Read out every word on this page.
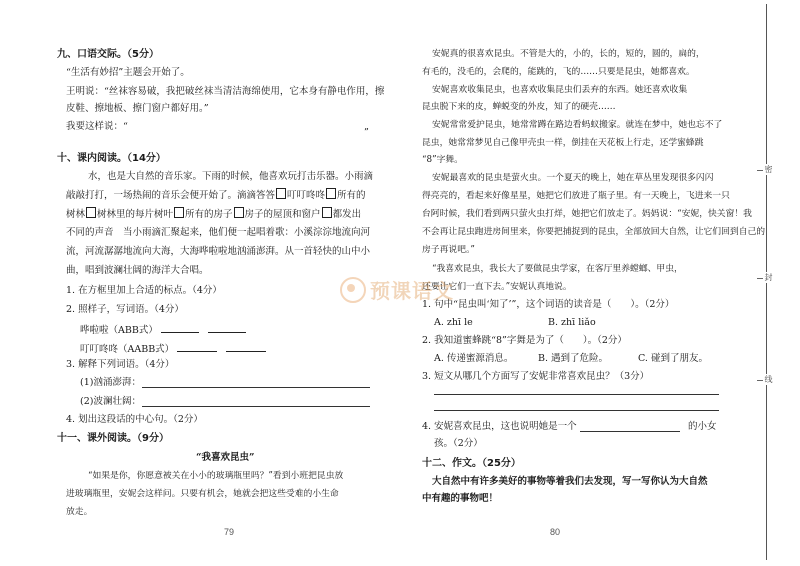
九、口语交际。（5分）
“生活有妙招”主题会开始了。
王明说：“丝袜容易破，我把破丝袜当清洁海绵使用，它本身有静电作用，擦
皮鞋、擦地板、擦门窗户都好用。”
我要这样说：“
”
十、课内阅读。（14分）
水，也是大自然的音乐家。下雨的时候，他喜欢玩打击乐器。小雨滴
敲敲打打，一场热闹的音乐会便开始了。滴滴答答 叮叮咚咚 所有的
树林 树林里的每片树叶 所有的房子 房子的屋顶和窗户 都发出
不同的声音　当小雨滴汇聚起来，他们便一起唱着歌：小溪淙淙地流向河
流，河流潺潺地流向大海，大海哗啦啦地汹涌澎湃。从一首轻快的山中小
曲，唱到波澜壮阔的海洋大合唱。
1. 在方框里加上合适的标点。（4分）
2. 照样子，写词语。（4分）
哗啦啦（ABB式）
叮叮咚咚（AABB式）
3. 解释下列词语。（4分）
(1)汹涌澎湃：
(2)波澜壮阔：
4. 划出这段话的中心句。（2分）
十一、课外阅读。（9分）
“我喜欢昆虫”
“如果是你，你愿意被关在小小的玻璃瓶里吗？”看到小班把昆虫放
进玻璃瓶里，安妮会这样问。只要有机会，她就会把这些受难的小生命
放走。
79
安妮真的很喜欢昆虫。不管是大的，小的，长的，短的，圆的，扁的，
有毛的，没毛的，会爬的，能跳的，飞的……只要是昆虫，她都喜欢。
安妮喜欢收集昆虫，也喜欢收集昆虫们丢弃的东西。她还喜欢收集
昆虫脱下来的皮，蝉蜕变的外皮，知了的硬壳……
安妮常常爱护昆虫，她常常蹲在路边看蚂蚁搬家。就连在梦中，她也忘不了
昆虫，她常常梦见自己像甲壳虫一样，倒挂在天花板上行走，还学蜜蜂跳
“8”字舞。
安妮最喜欢的昆虫是萤火虫。一个夏天的晚上，她在草丛里发现很多闪闪
得亮亮的，看起来好像星星，她把它们放进了瓶子里。有一天晚上，飞进来一只
台阿时候，我们看到两只萤火虫打烊，她把它们放走了。妈妈说：“安妮，快关窗！我
不会再让昆虫跑进房间里来，你要把捕捉到的昆虫，全部放回大自然，让它们回到自己的
房子再说吧。”
“我喜欢昆虫，我长大了要做昆虫学家，在客厅里养螳螂、甲虫，
还要让它们一直下去。”安妮认真地说。
1. 句中“昆虫叫‘知了’”，这个词语的读音是（　　）。（2分）
A. zhī le	B. zhī liǎo
2. 我知道蜜蜂跳“8”字舞是为了（　　）。（2分）
A. 传递蜜源消息。	B. 遇到了危险。	C. 碰到了朋友。
3. 短文从哪几个方面写了安妮非常喜欢昆虫？（3分）
4. 安妮喜欢昆虫，这也说明她是一个	的小女
孩。（2分）
十二、作文。（25分）
大自然中有许多美好的事物等着我们去发现，写一写你认为大自然
中有趣的事物吧！
80
密
封
线
预课语文
